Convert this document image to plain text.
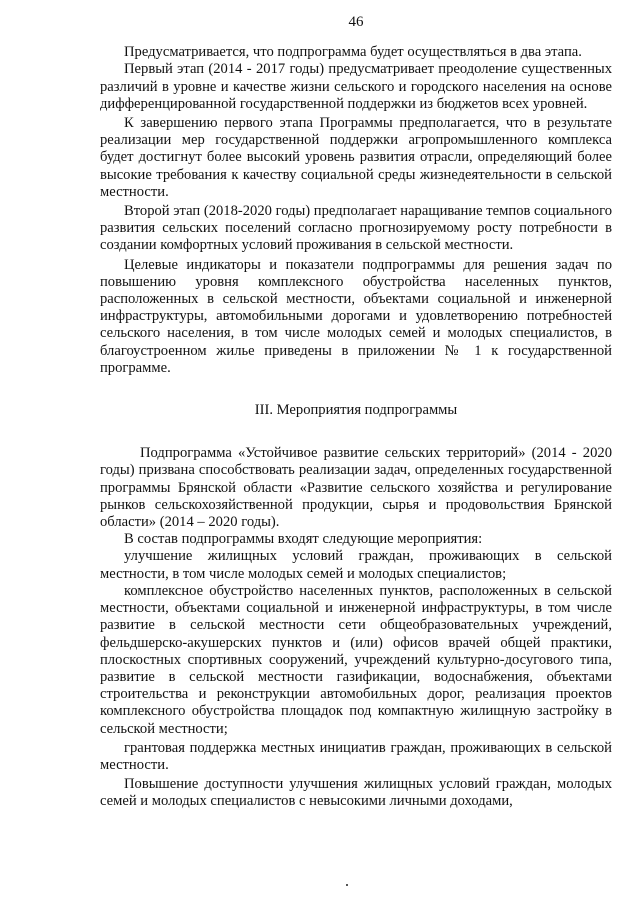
46

Предусматривается, что подпрограмма будет осуществляться в два этапа.

Первый этап (2014 - 2017 годы) предусматривает преодоление существенных различий в уровне и качестве жизни сельского и городского населения на основе дифференцированной государственной поддержки из бюджетов всех уровней.

К завершению первого этапа Программы предполагается, что в результате реализации мер государственной поддержки агропромышленного комплекса будет достигнут более высокий уровень развития отрасли, определяющий более высокие требования к качеству социальной среды жизнедеятельности в сельской местности.

Второй этап (2018-2020 годы) предполагает наращивание темпов социального развития сельских поселений согласно прогнозируемому росту потребности в создании комфортных условий проживания в сельской местности.

Целевые индикаторы и показатели подпрограммы для решения задач по повышению уровня комплексного обустройства населенных пунктов, расположенных в сельской местности, объектами социальной и инженерной инфраструктуры, автомобильными дорогами и удовлетворению потребностей сельского населения, в том числе молодых семей и молодых специалистов, в благоустроенном жилье приведены в приложении № 1 к государственной программе.

III. Мероприятия подпрограммы

Подпрограмма «Устойчивое развитие сельских территорий» (2014 - 2020 годы) призвана способствовать реализации задач, определенных государственной программы Брянской области «Развитие сельского хозяйства и регулирование рынков сельскохозяйственной продукции, сырья и продовольствия Брянской области» (2014 – 2020 годы).

В состав подпрограммы входят следующие мероприятия:

улучшение жилищных условий граждан, проживающих в сельской местности, в том числе молодых семей и молодых специалистов;

комплексное обустройство населенных пунктов, расположенных в сельской местности, объектами социальной и инженерной инфраструктуры, в том числе развитие в сельской местности сети общеобразовательных учреждений, фельдшерско-акушерских пунктов и (или) офисов врачей общей практики, плоскостных спортивных сооружений, учреждений культурно-досугового типа, развитие в сельской местности газификации, водоснабжения, объектами строительства и реконструкции автомобильных дорог, реализация проектов комплексного обустройства площадок под компактную жилищную застройку в сельской местности;

грантовая поддержка местных инициатив граждан, проживающих в сельской местности.

Повышение доступности улучшения жилищных условий граждан, молодых семей и молодых специалистов с невысокими личными доходами,
